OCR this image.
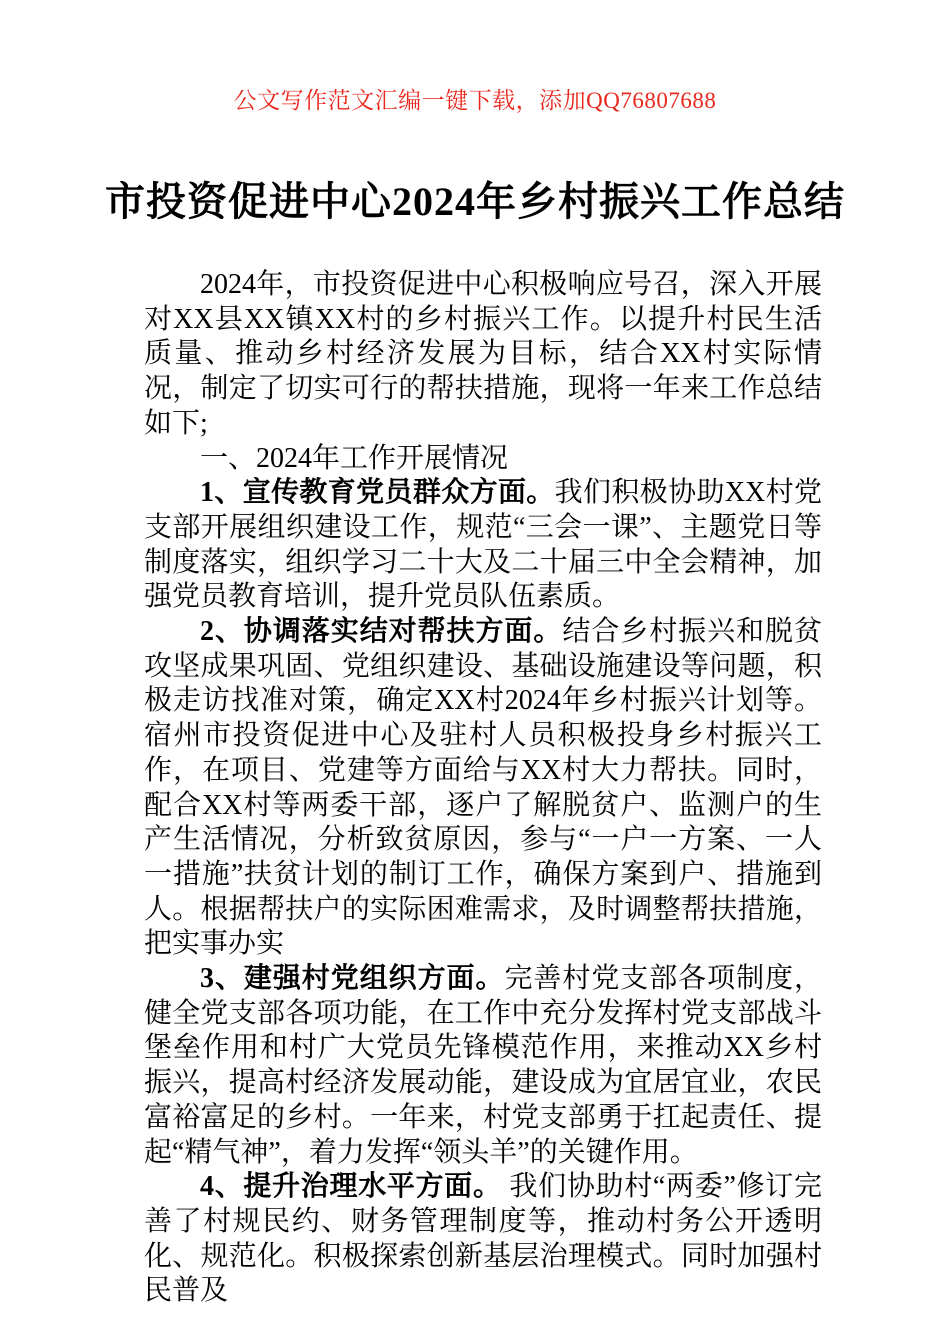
公文写作范文汇编一键下载，添加QQ76807688
市投资促进中心2024年乡村振兴工作总结

2024年，市投资促进中心积极响应号召，深入开展对XX县XX镇XX村的乡村振兴工作。以提升村民生活质量、推动乡村经济发展为目标，结合XX村实际情况，制定了切实可行的帮扶措施，现将一年来工作总结如下;

一、2024年工作开展情况

1、宣传教育党员群众方面。我们积极协助XX村党支部开展组织建设工作，规范“三会一课”、主题党日等制度落实，组织学习二十大及二十届三中全会精神，加强党员教育培训，提升党员队伍素质。

2、协调落实结对帮扶方面。结合乡村振兴和脱贫攻坚成果巩固、党组织建设、基础设施建设等问题，积极走访找准对策，确定XX村2024年乡村振兴计划等。宿州市投资促进中心及驻村人员积极投身乡村振兴工作，在项目、党建等方面给与XX村大力帮扶。同时，配合XX村等两委干部，逐户了解脱贫户、监测户的生产生活情况，分析致贫原因，参与“一户一方案、一人一措施”扶贫计划的制订工作，确保方案到户、措施到人。根据帮扶户的实际困难需求，及时调整帮扶措施，把实事办实

3、建强村党组织方面。完善村党支部各项制度，健全党支部各项功能，在工作中充分发挥村党支部战斗堡垒作用和村广大党员先锋模范作用，来推动XX乡村振兴，提高村经济发展动能，建设成为宜居宜业，农民富裕富足的乡村。一年来，村党支部勇于扛起责任、提起“精气神”，着力发挥“领头羊”的关键作用。

4、提升治理水平方面。 我们协助村“两委”修订完善了村规民约、财务管理制度等，推动村务公开透明化、规范化。积极探索创新基层治理模式。同时加强村民普及
